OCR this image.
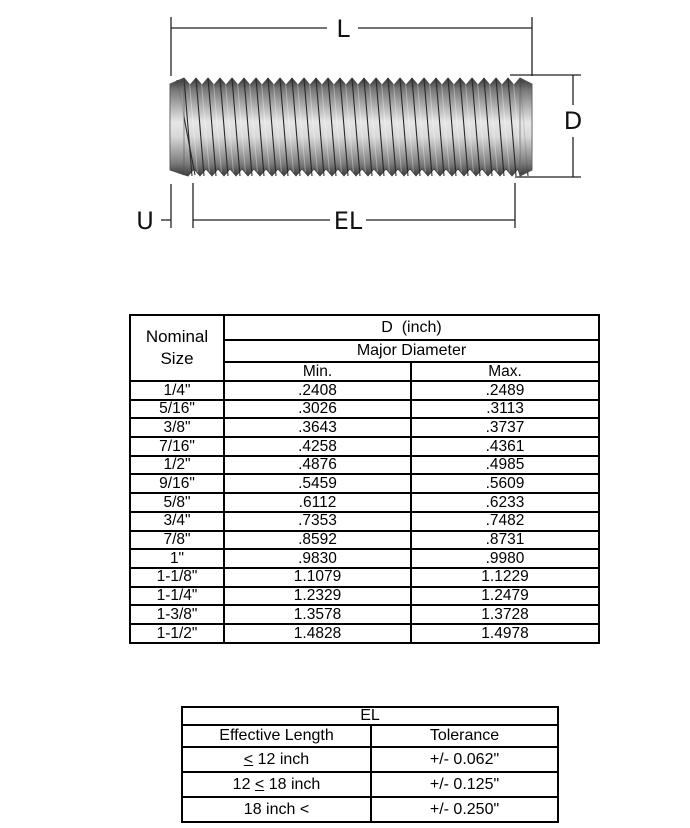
L
D
U	EL
Nominal
Size	D  (inch)	
	Major Diameter	
	Min.	Max.
1/4"	.2408	.2489
5/16"	.3026	.3113
3/8"	.3643	.3737
7/16"	.4258	.4361
1/2"	.4876	.4985
9/16"	.5459	.5609
5/8"	.6112	.6233
3/4"	.7353	.7482
7/8"	.8592	.8731
1"	.9830	.9980
1-1/8"	1.1079	1.1229
1-1/4"	1.2329	1.2479
1-3/8"	1.3578	1.3728
1-1/2"	1.4828	1.4978
EL	
Effective Length	Tolerance
≤ 12 inch	+/- 0.062"
12 ≤ 18 inch	+/- 0.125"
18 inch <	+/- 0.250"
